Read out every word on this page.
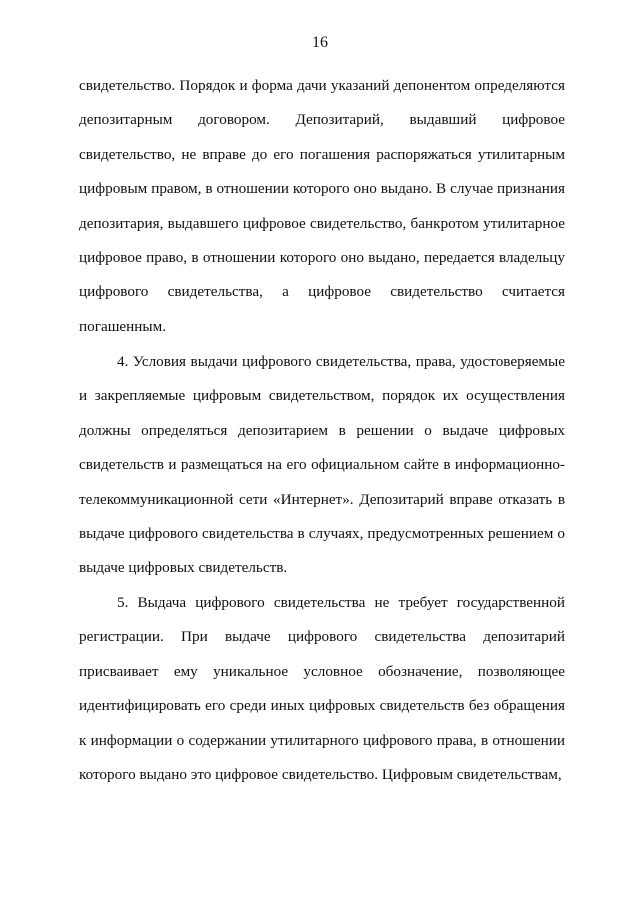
16

свидетельство. Порядок и форма дачи указаний депонентом определяются депозитарным договором. Депозитарий, выдавший цифровое свидетельство, не вправе до его погашения распоряжаться утилитарным цифровым правом, в отношении которого оно выдано. В случае признания депозитария, выдавшего цифровое свидетельство, банкротом утилитарное цифровое право, в отношении которого оно выдано, передается владельцу цифрового свидетельства, а цифровое свидетельство считается погашенным.

4. Условия выдачи цифрового свидетельства, права, удостоверяемые и закрепляемые цифровым свидетельством, порядок их осуществления должны определяться депозитарием в решении о выдаче цифровых свидетельств и размещаться на его официальном сайте в информационно-телекоммуникационной сети «Интернет». Депозитарий вправе отказать в выдаче цифрового свидетельства в случаях, предусмотренных решением о выдаче цифровых свидетельств.

5. Выдача цифрового свидетельства не требует государственной регистрации. При выдаче цифрового свидетельства депозитарий присваивает ему уникальное условное обозначение, позволяющее идентифицировать его среди иных цифровых свидетельств без обращения к информации о содержании утилитарного цифрового права, в отношении которого выдано это цифровое свидетельство. Цифровым свидетельствам,
